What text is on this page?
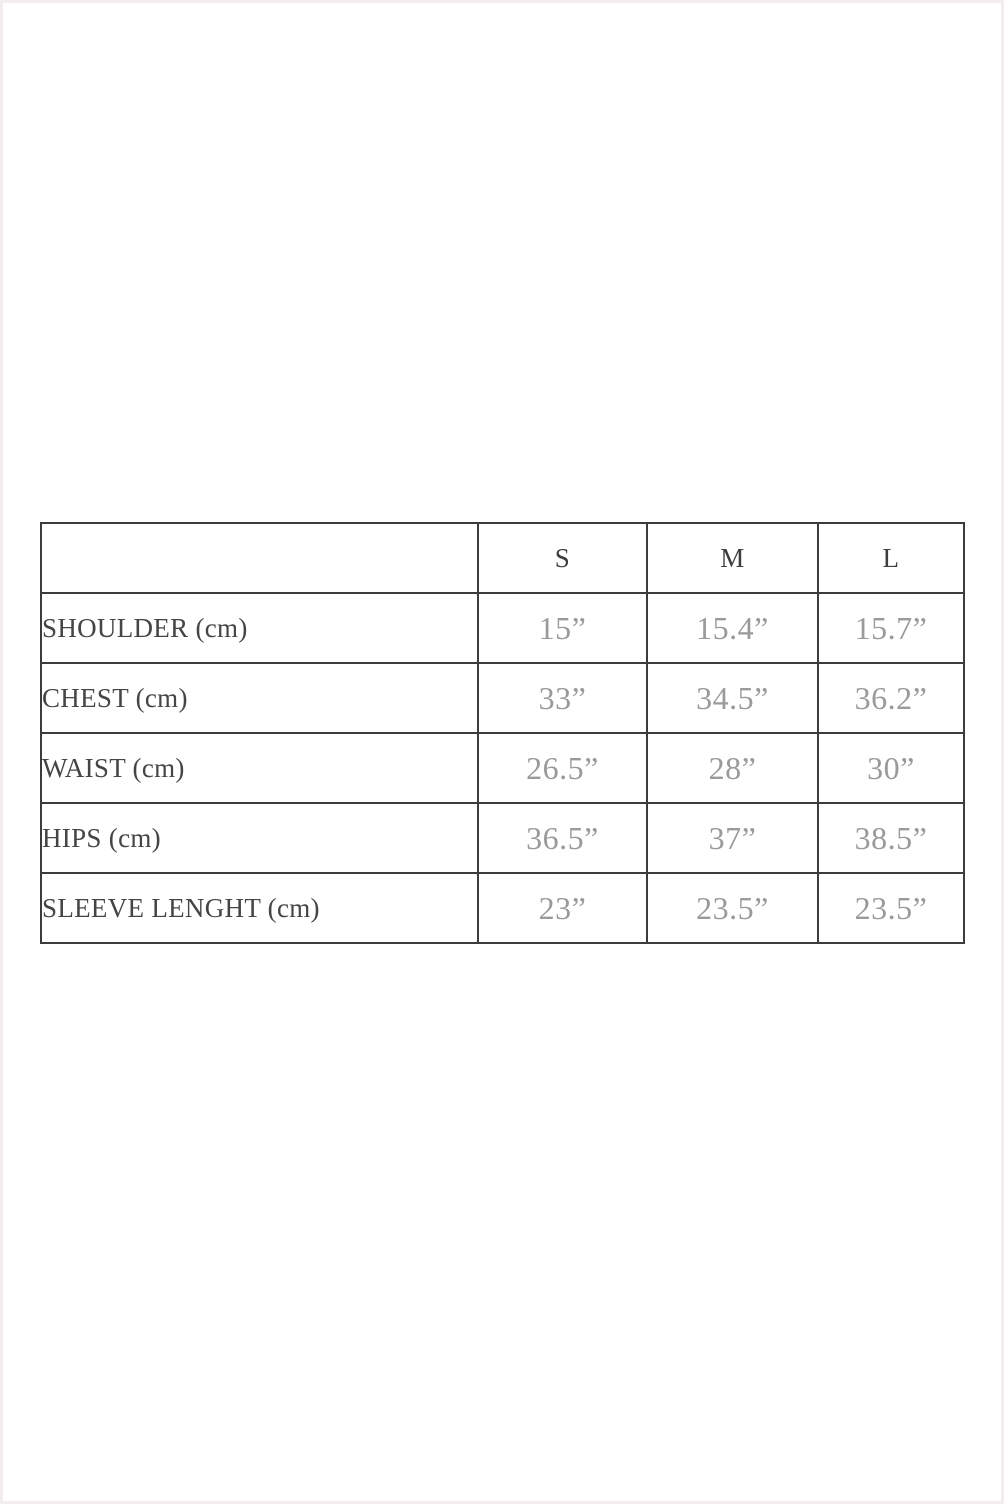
	S	M	L
SHOULDER (cm)	15”	15.4”	15.7”
CHEST (cm)	33”	34.5”	36.2”
WAIST (cm)	26.5”	28”	30”
HIPS (cm)	36.5”	37”	38.5”
SLEEVE LENGHT (cm)	23”	23.5”	23.5”
